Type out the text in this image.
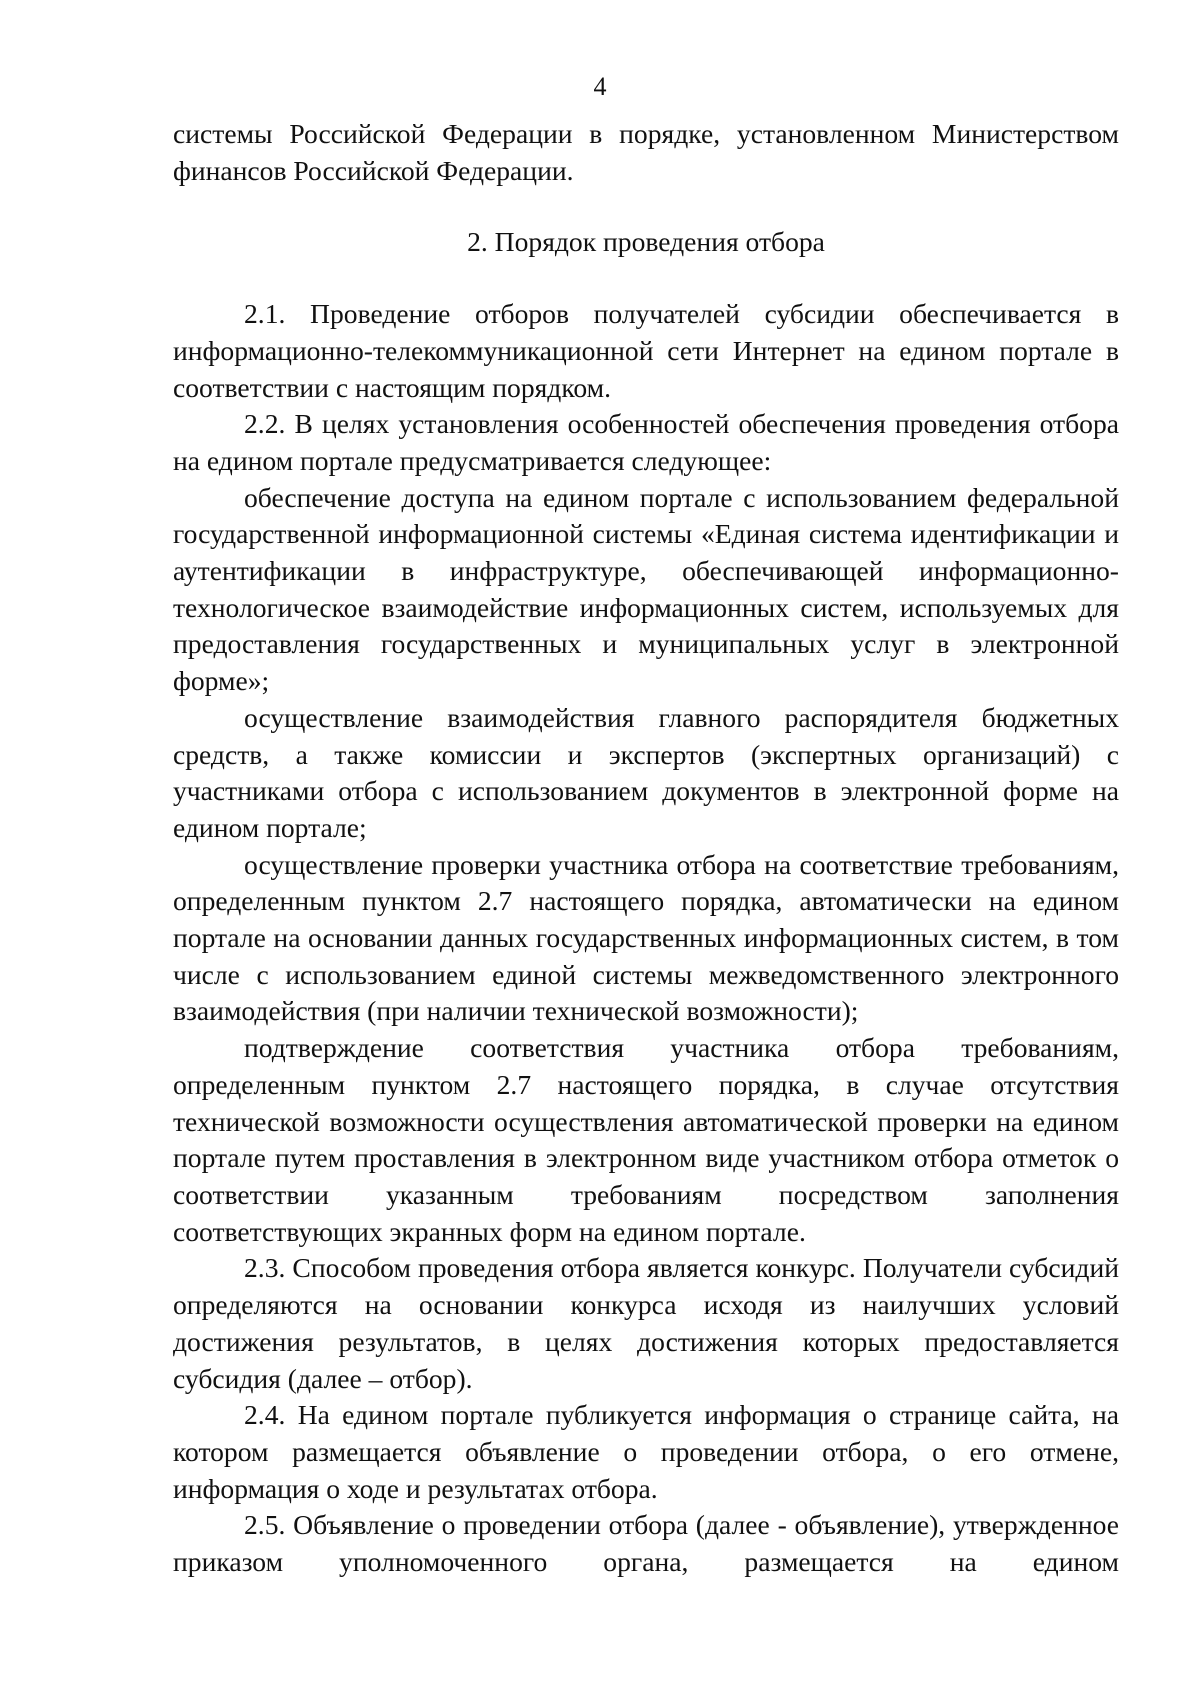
4

системы Российской Федерации в порядке, установленном Министерством финансов Российской Федерации.

2. Порядок проведения отбора

2.1. Проведение отборов получателей субсидии обеспечивается в информационно-телекоммуникационной сети Интернет на едином портале в соответствии с настоящим порядком.

2.2. В целях установления особенностей обеспечения проведения отбора на едином портале предусматривается следующее:

обеспечение доступа на едином портале с использованием федеральной государственной информационной системы «Единая система идентификации и аутентификации в инфраструктуре, обеспечивающей информационно-технологическое взаимодействие информационных систем, используемых для предоставления государственных и муниципальных услуг в электронной форме»;

осуществление взаимодействия главного распорядителя бюджетных средств, а также комиссии и экспертов (экспертных организаций) с участниками отбора с использованием документов в электронной форме на едином портале;

осуществление проверки участника отбора на соответствие требованиям, определенным пунктом 2.7 настоящего порядка, автоматически на едином портале на основании данных государственных информационных систем, в том числе с использованием единой системы межведомственного электронного взаимодействия (при наличии технической возможности);

подтверждение соответствия участника отбора требованиям, определенным пунктом 2.7 настоящего порядка, в случае отсутствия технической возможности осуществления автоматической проверки на едином портале путем проставления в электронном виде участником отбора отметок о соответствии указанным требованиям посредством заполнения соответствующих экранных форм на едином портале.

2.3. Способом проведения отбора является конкурс. Получатели субсидий определяются на основании конкурса исходя из наилучших условий достижения результатов, в целях достижения которых предоставляется субсидия (далее – отбор).

2.4. На едином портале публикуется информация о странице сайта, на котором размещается объявление о проведении отбора, о его отмене, информация о ходе и результатах отбора.

2.5. Объявление о проведении отбора (далее - объявление), утвержденное приказом уполномоченного органа, размещается на едином
